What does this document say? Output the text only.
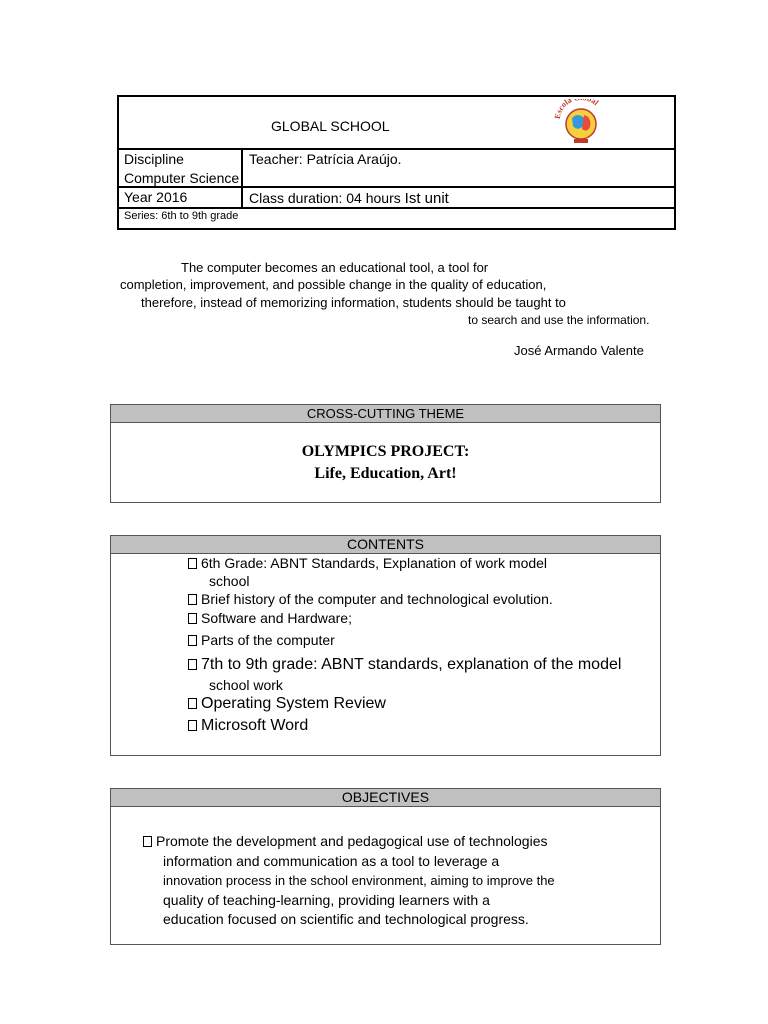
GLOBAL SCHOOL
Escola al
Discipline
Computer Science
Teacher: Patrícia Araújo.
Year 2016	Class duration: 04 hours Ist unit
Series: 6th to 9th grade
The computer becomes an educational tool, a tool for
completion, improvement, and possible change in the quality of education,
therefore, instead of memorizing information, students should be taught to
to search and use the information.
José Armando Valente
CROSS-CUTTING THEME
OLYMPICS PROJECT:
Life, Education, Art!
CONTENTS
6th Grade: ABNT Standards, Explanation of work model
school
Brief history of the computer and technological evolution.
Software and Hardware;
Parts of the computer
7th to 9th grade: ABNT standards, explanation of the model
school work
Operating System Review
Microsoft Word
OBJECTIVES
Promote the development and pedagogical use of technologies
information and communication as a tool to leverage a
innovation process in the school environment, aiming to improve the
quality of teaching-learning, providing learners with a
education focused on scientific and technological progress.
